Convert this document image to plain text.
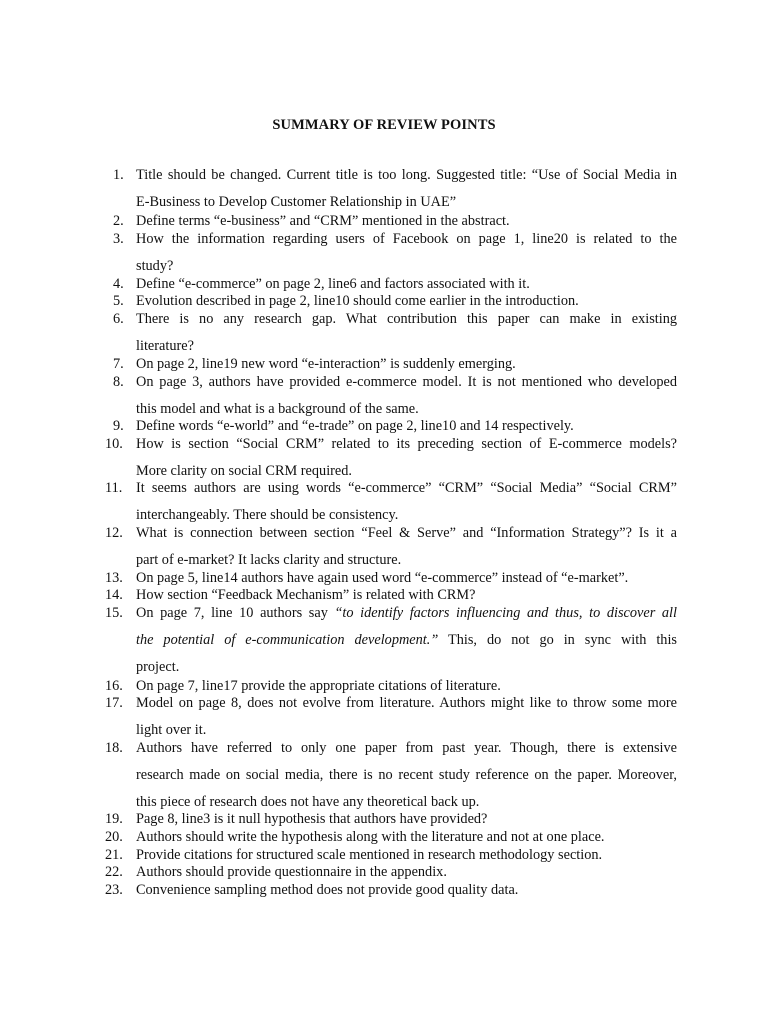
SUMMARY OF REVIEW POINTS
1. Title should be changed. Current title is too long. Suggested title: “Use of Social Media in
E-Business to Develop Customer Relationship in UAE”
2. Define terms “e-business” and “CRM” mentioned in the abstract.
3. How the information regarding users of Facebook on page 1, line20 is related to the
study?
4. Define “e-commerce” on page 2, line6 and factors associated with it.
5. Evolution described in page 2, line10 should come earlier in the introduction.
6. There is no any research gap. What contribution this paper can make in existing
literature?
7. On page 2, line19 new word “e-interaction” is suddenly emerging.
8. On page 3, authors have provided e-commerce model. It is not mentioned who developed
this model and what is a background of the same.
9. Define words “e-world” and “e-trade” on page 2, line10 and 14 respectively.
10. How is section “Social CRM” related to its preceding section of E-commerce models?
More clarity on social CRM required.
11. It seems authors are using words “e-commerce” “CRM” “Social Media” “Social CRM”
interchangeably. There should be consistency.
12. What is connection between section “Feel & Serve” and “Information Strategy”? Is it a
part of e-market? It lacks clarity and structure.
13. On page 5, line14 authors have again used word “e-commerce” instead of “e-market”.
14. How section “Feedback Mechanism” is related with CRM?
15. On page 7, line 10 authors say “to identify factors influencing and thus, to discover all
the potential of e-communication development.” This, do not go in sync with this
project.
16. On page 7, line17 provide the appropriate citations of literature.
17. Model on page 8, does not evolve from literature. Authors might like to throw some more
light over it.
18. Authors have referred to only one paper from past year. Though, there is extensive
research made on social media, there is no recent study reference on the paper. Moreover,
this piece of research does not have any theoretical back up.
19. Page 8, line3 is it null hypothesis that authors have provided?
20. Authors should write the hypothesis along with the literature and not at one place.
21. Provide citations for structured scale mentioned in research methodology section.
22. Authors should provide questionnaire in the appendix.
23. Convenience sampling method does not provide good quality data.
